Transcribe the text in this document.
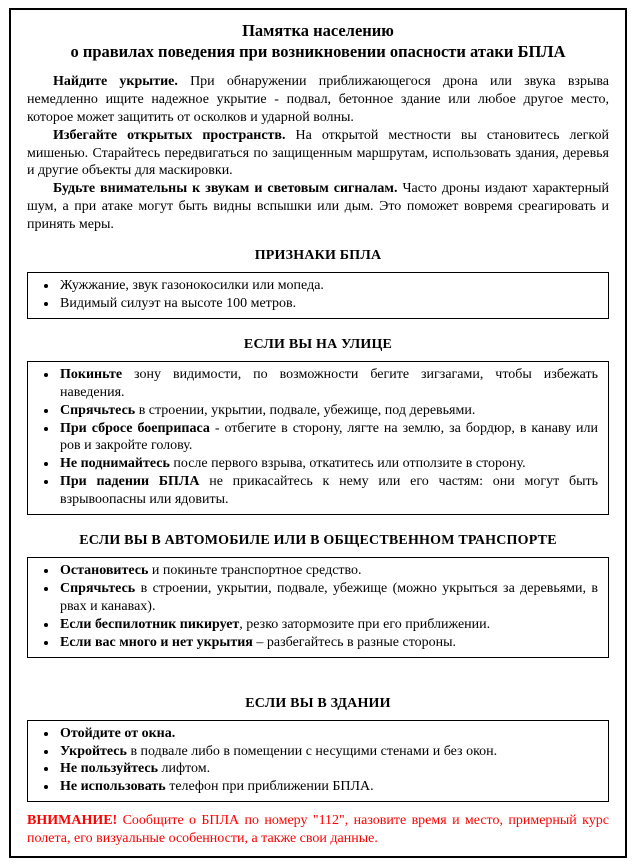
Памятка населению
о правилах поведения при возникновении опасности атаки БПЛА

Найдите укрытие. При обнаружении приближающегося дрона или звука взрыва немедленно ищите надежное укрытие - подвал, бетонное здание или любое другое место, которое может защитить от осколков и ударной волны.

Избегайте открытых пространств. На открытой местности вы становитесь легкой мишенью. Старайтесь передвигаться по защищенным маршрутам, использовать здания, деревья и другие объекты для маскировки.

Будьте внимательны к звукам и световым сигналам. Часто дроны издают характерный шум, а при атаке могут быть видны вспышки или дым. Это поможет вовремя среагировать и принять меры.

ПРИЗНАКИ БПЛА
• Жужжание, звук газонокосилки или мопеда.
• Видимый силуэт на высоте 100 метров.
ЕСЛИ ВЫ НА УЛИЦЕ
• Покиньте зону видимости, по возможности бегите зигзагами, чтобы избежать наведения.
• Спрячьтесь в строении, укрытии, подвале, убежище, под деревьями.
• При сбросе боеприпаса - отбегите в сторону, лягте на землю, за бордюр, в канаву или ров и закройте голову.
• Не поднимайтесь после первого взрыва, откатитесь или отползите в сторону.
• При падении БПЛА не прикасайтесь к нему или его частям: они могут быть взрывоопасны или ядовиты.
ЕСЛИ ВЫ В АВТОМОБИЛЕ ИЛИ В ОБЩЕСТВЕННОМ ТРАНСПОРТЕ
• Остановитесь и покиньте транспортное средство.
• Спрячьтесь в строении, укрытии, подвале, убежище (можно укрыться за деревьями, в рвах и канавах).
• Если беспилотник пикирует, резко затормозите при его приближении.
• Если вас много и нет укрытия – разбегайтесь в разные стороны.
ЕСЛИ ВЫ В ЗДАНИИ
• Отойдите от окна.
• Укройтесь в подвале либо в помещении с несущими стенами и без окон.
• Не пользуйтесь лифтом.
• Не использовать телефон при приближении БПЛА.

ВНИМАНИЕ! Сообщите о БПЛА по номеру "112", назовите время и место, примерный курс полета, его визуальные особенности, а также свои данные.
